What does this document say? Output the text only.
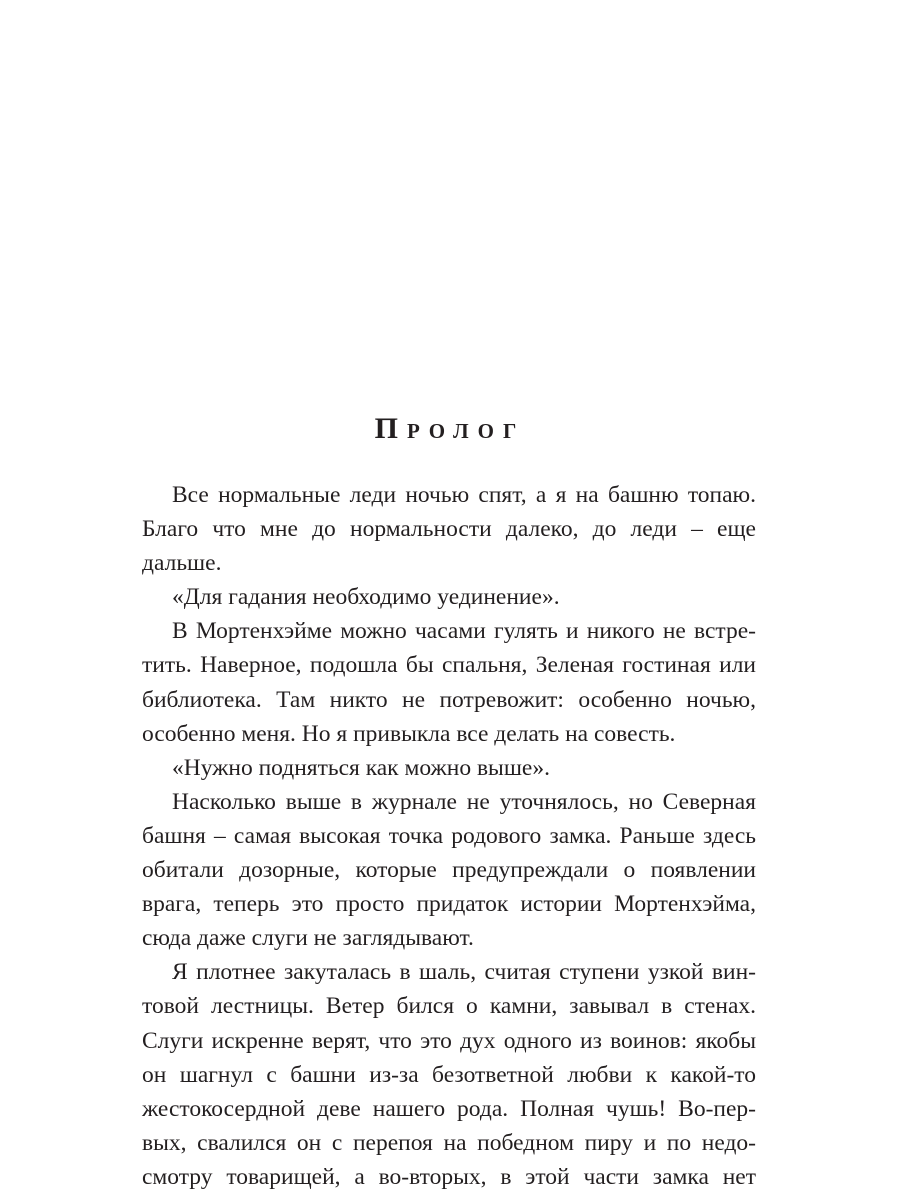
Пролог
Все нормальные леди ночью спят, а я на башню топаю.
Благо что мне до нормальности далеко, до леди – еще
дальше.
«Для гадания необходимо уединение».
В Мортенхэйме можно часами гулять и никого не встре-
тить. Наверное, подошла бы спальня, Зеленая гостиная или
библиотека. Там никто не потревожит: особенно ночью,
особенно меня. Но я привыкла все делать на совесть.
«Нужно подняться как можно выше».
Насколько выше в журнале не уточнялось, но Северная
башня – самая высокая точка родового замка. Раньше здесь
обитали дозорные, которые предупреждали о появлении
врага, теперь это просто придаток истории Мортенхэйма,
сюда даже слуги не заглядывают.
Я плотнее закуталась в шаль, считая ступени узкой вин-
товой лестницы. Ветер бился о камни, завывал в стенах.
Слуги искренне верят, что это дух одного из воинов: якобы
он шагнул с башни из-за безответной любви к какой-то
жестокосердной деве нашего рода. Полная чушь! Во-пер-
вых, свалился он с перепоя на победном пиру и по недо-
смотру товарищей, а во-вторых, в этой части замка нет
